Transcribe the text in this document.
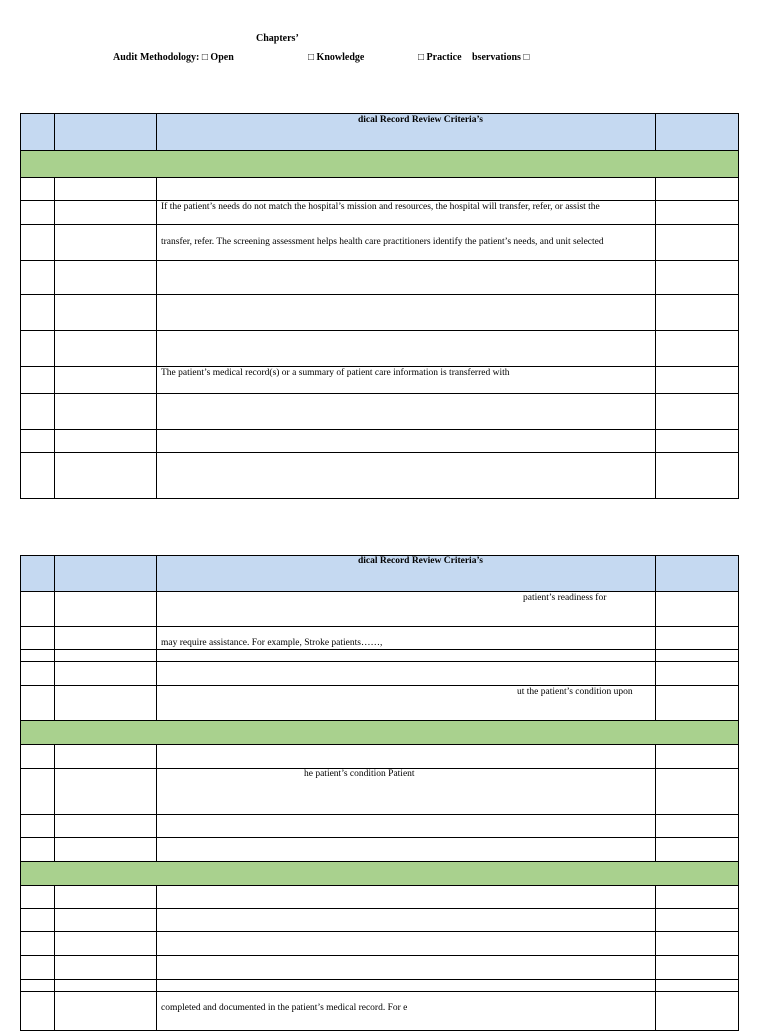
Chapters’
Audit Methodology: □ Open	□ Knowledge	□ Practice bservations □
dical Record Review Criteria’s
If the patient’s needs do not match the hospital’s mission and resources, the hospital will transfer, refer, or assist the
transfer, refer. The screening assessment helps health care practitioners identify the patient’s needs, and unit selected
The patient’s medical record(s) or a summary of patient care information is transferred with
dical Record Review Criteria’s
patient’s readiness for
may require assistance. For example, Stroke patients……,
ut the patient’s condition upon
he patient’s condition Patient
completed and documented in the patient’s medical record. For e
